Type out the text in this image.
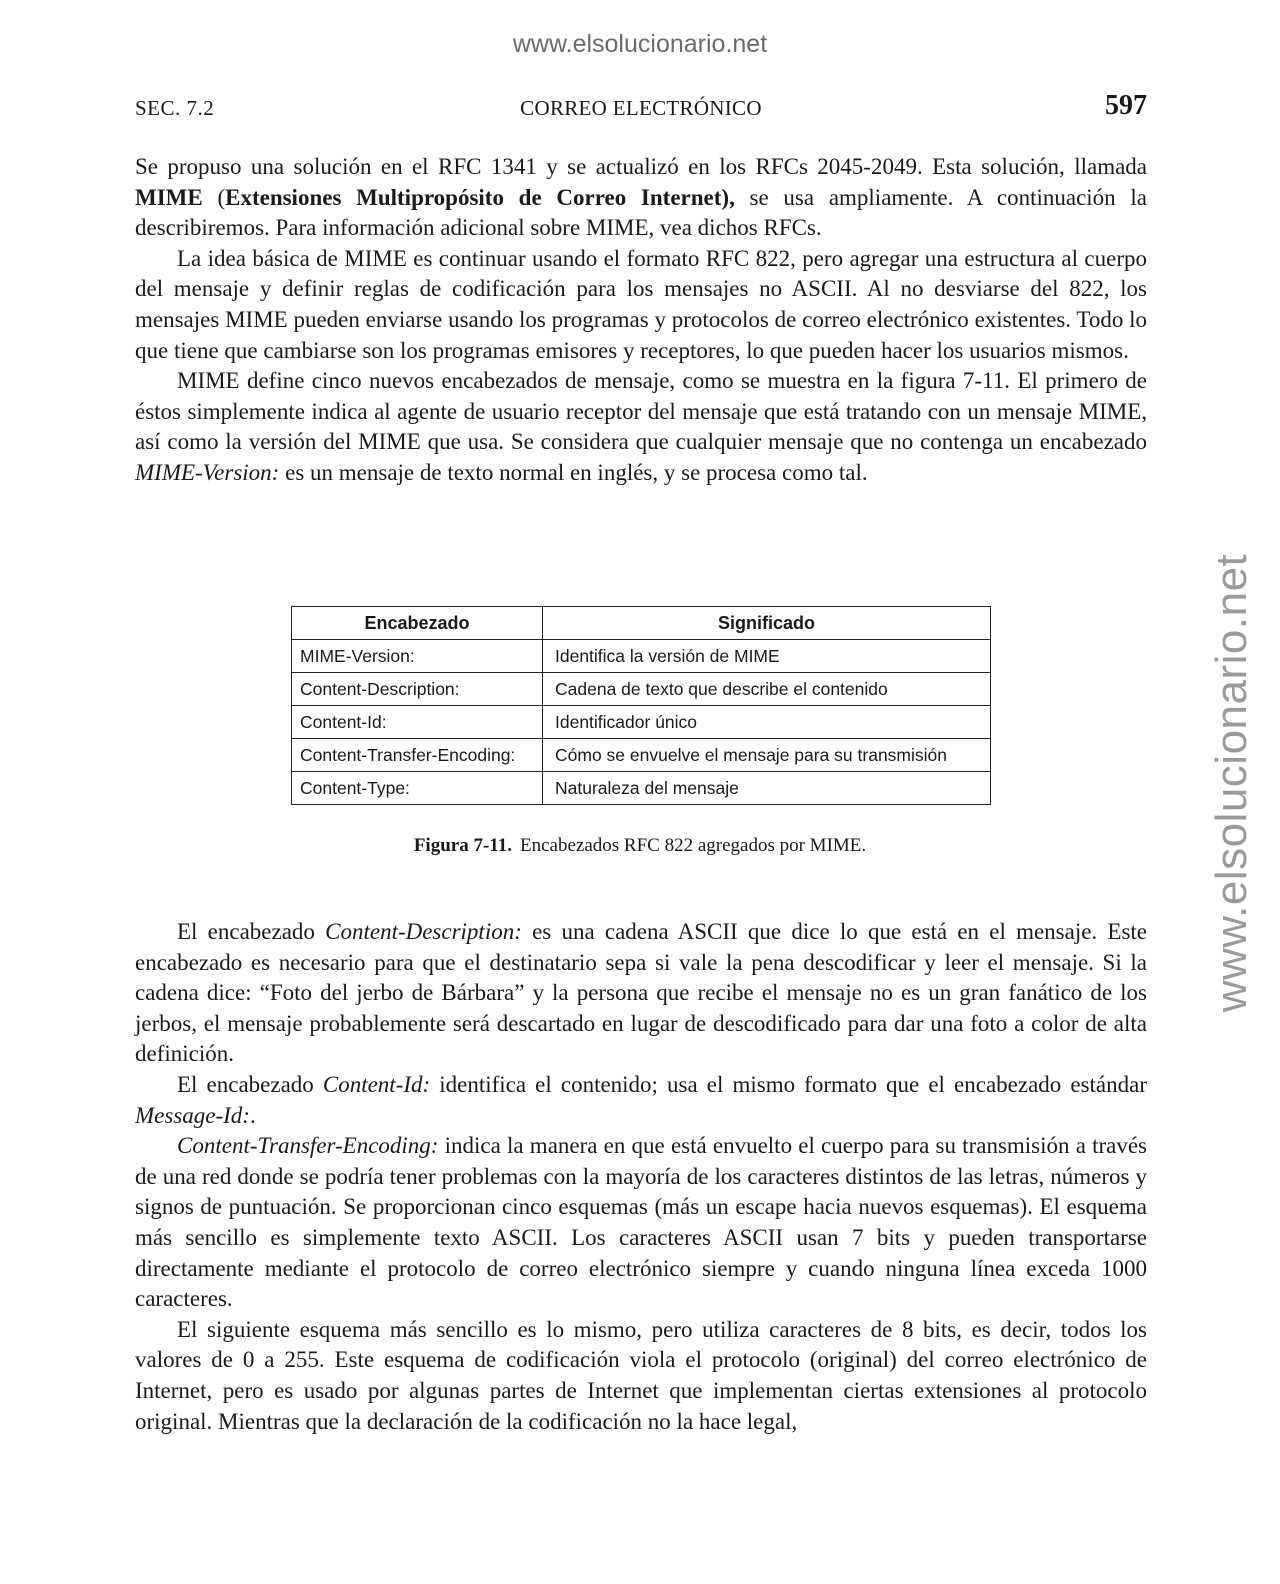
www.elsolucionario.net
www.elsolucionario.net
SEC. 7.2	CORREO ELECTRÓNICO	597

Se propuso una solución en el RFC 1341 y se actualizó en los RFCs 2045-2049. Esta solución, llamada MIME (Extensiones Multipropósito de Correo Internet), se usa ampliamente. A continuación la describiremos. Para información adicional sobre MIME, vea dichos RFCs.

La idea básica de MIME es continuar usando el formato RFC 822, pero agregar una estructura al cuerpo del mensaje y definir reglas de codificación para los mensajes no ASCII. Al no desviarse del 822, los mensajes MIME pueden enviarse usando los programas y protocolos de correo electrónico existentes. Todo lo que tiene que cambiarse son los programas emisores y receptores, lo que pueden hacer los usuarios mismos.

MIME define cinco nuevos encabezados de mensaje, como se muestra en la figura 7-11. El primero de éstos simplemente indica al agente de usuario receptor del mensaje que está tratando con un mensaje MIME, así como la versión del MIME que usa. Se considera que cualquier mensaje que no contenga un encabezado MIME-Version: es un mensaje de texto normal en inglés, y se procesa como tal.

Encabezado	Significado
MIME-Version:	Identifica la versión de MIME
Content-Description:	Cadena de texto que describe el contenido
Content-Id:	Identificador único
Content-Transfer-Encoding:	Cómo se envuelve el mensaje para su transmisión
Content-Type:	Naturaleza del mensaje
Figura 7-11. Encabezados RFC 822 agregados por MIME.

El encabezado Content-Description: es una cadena ASCII que dice lo que está en el mensaje. Este encabezado es necesario para que el destinatario sepa si vale la pena descodificar y leer el mensaje. Si la cadena dice: “Foto del jerbo de Bárbara” y la persona que recibe el mensaje no es un gran fanático de los jerbos, el mensaje probablemente será descartado en lugar de descodificado para dar una foto a color de alta definición.

El encabezado Content-Id: identifica el contenido; usa el mismo formato que el encabezado estándar Message-Id:.

Content-Transfer-Encoding: indica la manera en que está envuelto el cuerpo para su transmisión a través de una red donde se podría tener problemas con la mayoría de los caracteres distintos de las letras, números y signos de puntuación. Se proporcionan cinco esquemas (más un escape hacia nuevos esquemas). El esquema más sencillo es simplemente texto ASCII. Los caracteres ASCII usan 7 bits y pueden transportarse directamente mediante el protocolo de correo electrónico siempre y cuando ninguna línea exceda 1000 caracteres.

El siguiente esquema más sencillo es lo mismo, pero utiliza caracteres de 8 bits, es decir, todos los valores de 0 a 255. Este esquema de codificación viola el protocolo (original) del correo electrónico de Internet, pero es usado por algunas partes de Internet que implementan ciertas extensiones al protocolo original. Mientras que la declaración de la codificación no la hace legal,
